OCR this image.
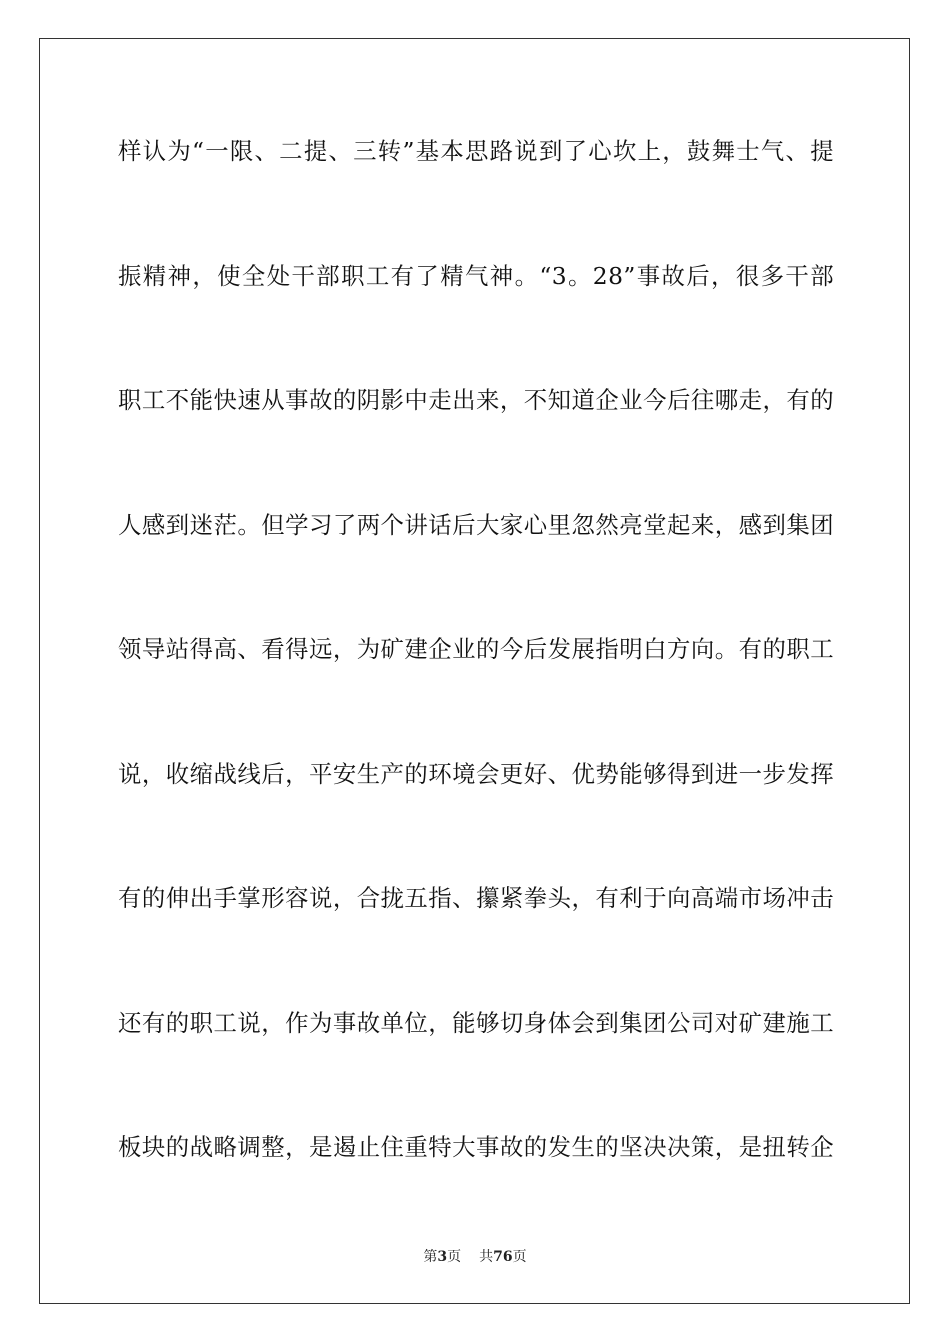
样认为“一限、二提、三转”基本思路说到了心坎上，鼓舞士气、提
振精神，使全处干部职工有了精气神。“3。28”事故后，很多干部
职工不能快速从事故的阴影中走出来，不知道企业今后往哪走，有的
人感到迷茫。但学习了两个讲话后大家心里忽然亮堂起来，感到集团
领导站得高、看得远，为矿建企业的今后发展指明白方向。有的职工
说，收缩战线后，平安生产的环境会更好、优势能够得到进一步发挥
有的伸出手掌形容说，合拢五指、攥紧拳头，有利于向高端市场冲击
还有的职工说，作为事故单位，能够切身体会到集团公司对矿建施工
板块的战略调整，是遏止住重特大事故的发生的坚决决策，是扭转企
第3页 共76页
